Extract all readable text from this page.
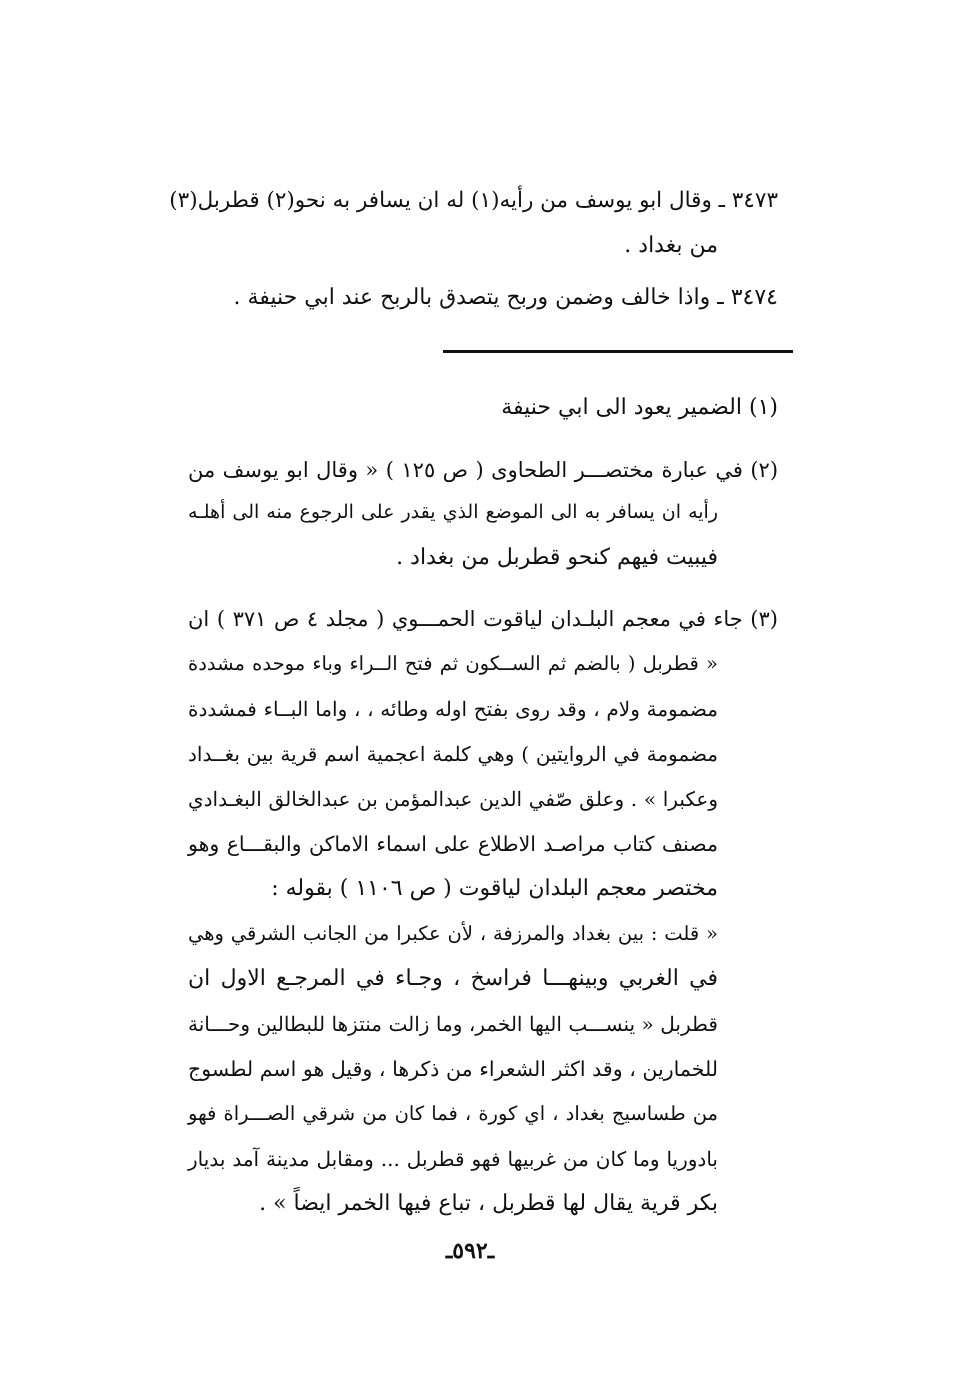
٣٤٧٣ ـ وقال ابو يوسف من رأيه(١) له ان يسافر به نحو(٢) قطربل(٣)
من بغداد .
٣٤٧٤ ـ واذا خالف وضمن وربح يتصدق بالربح عند ابي حنيفة .
(١) الضمير يعود الى ابي حنيفة
(٢) في عبارة مختصـــر الطحاوى ( ص ١٢٥ ) « وقال ابو يوسف من
رأيه ان يسافر به الى الموضع الذي يقدر على الرجوع منه الى أهلـه
فيبيت فيهم كنحو قطربل من بغداد .
(٣) جاء في معجم البلـدان لياقوت الحمـــوي ( مجلد ٤ ص ٣٧١ ) ان
« قطربل ( بالضم ثم الســكون ثم فتح الــراء وباء موحده مشددة
مضمومة ولام ، وقد روى بفتح اوله وطائه ، ، واما البــاء فمشددة
مضمومة في الروايتين ) وهي كلمة اعجمية اسم قرية بين بغــداد
وعكبرا » . وعلق صّفي الدين عبدالمؤمن بن عبدالخالق البغـدادي
مصنف كتاب مراصـد الاطلاع على اسماء الاماكن والبقـــاع وهو
مختصر معجم البلدان لياقوت ( ص ١١٠٦ ) بقوله :
« قلت : بين بغداد والمرزفة ، لأن عكبرا من الجانب الشرقي وهي
في الغربي وبينهـــا فراسخ ، وجـاء في المرجـع الاول ان
قطربل « ينســـب اليها الخمر، وما زالت منتزها للبطالين وحـــانة
للخمارين ، وقد اكثر الشعراء من ذكرها ، وقيل هو اسم لطسوج
من طساسيج بغداد ، اي كورة ، فما كان من شرقي الصـــراة فهو
بادوريا وما كان من غربيها فهو قطربل ... ومقابل مدينة آمد بديار
بكر قرية يقال لها قطربل ، تباع فيها الخمر ايضاً » .
ـ٥٩٢ـ
